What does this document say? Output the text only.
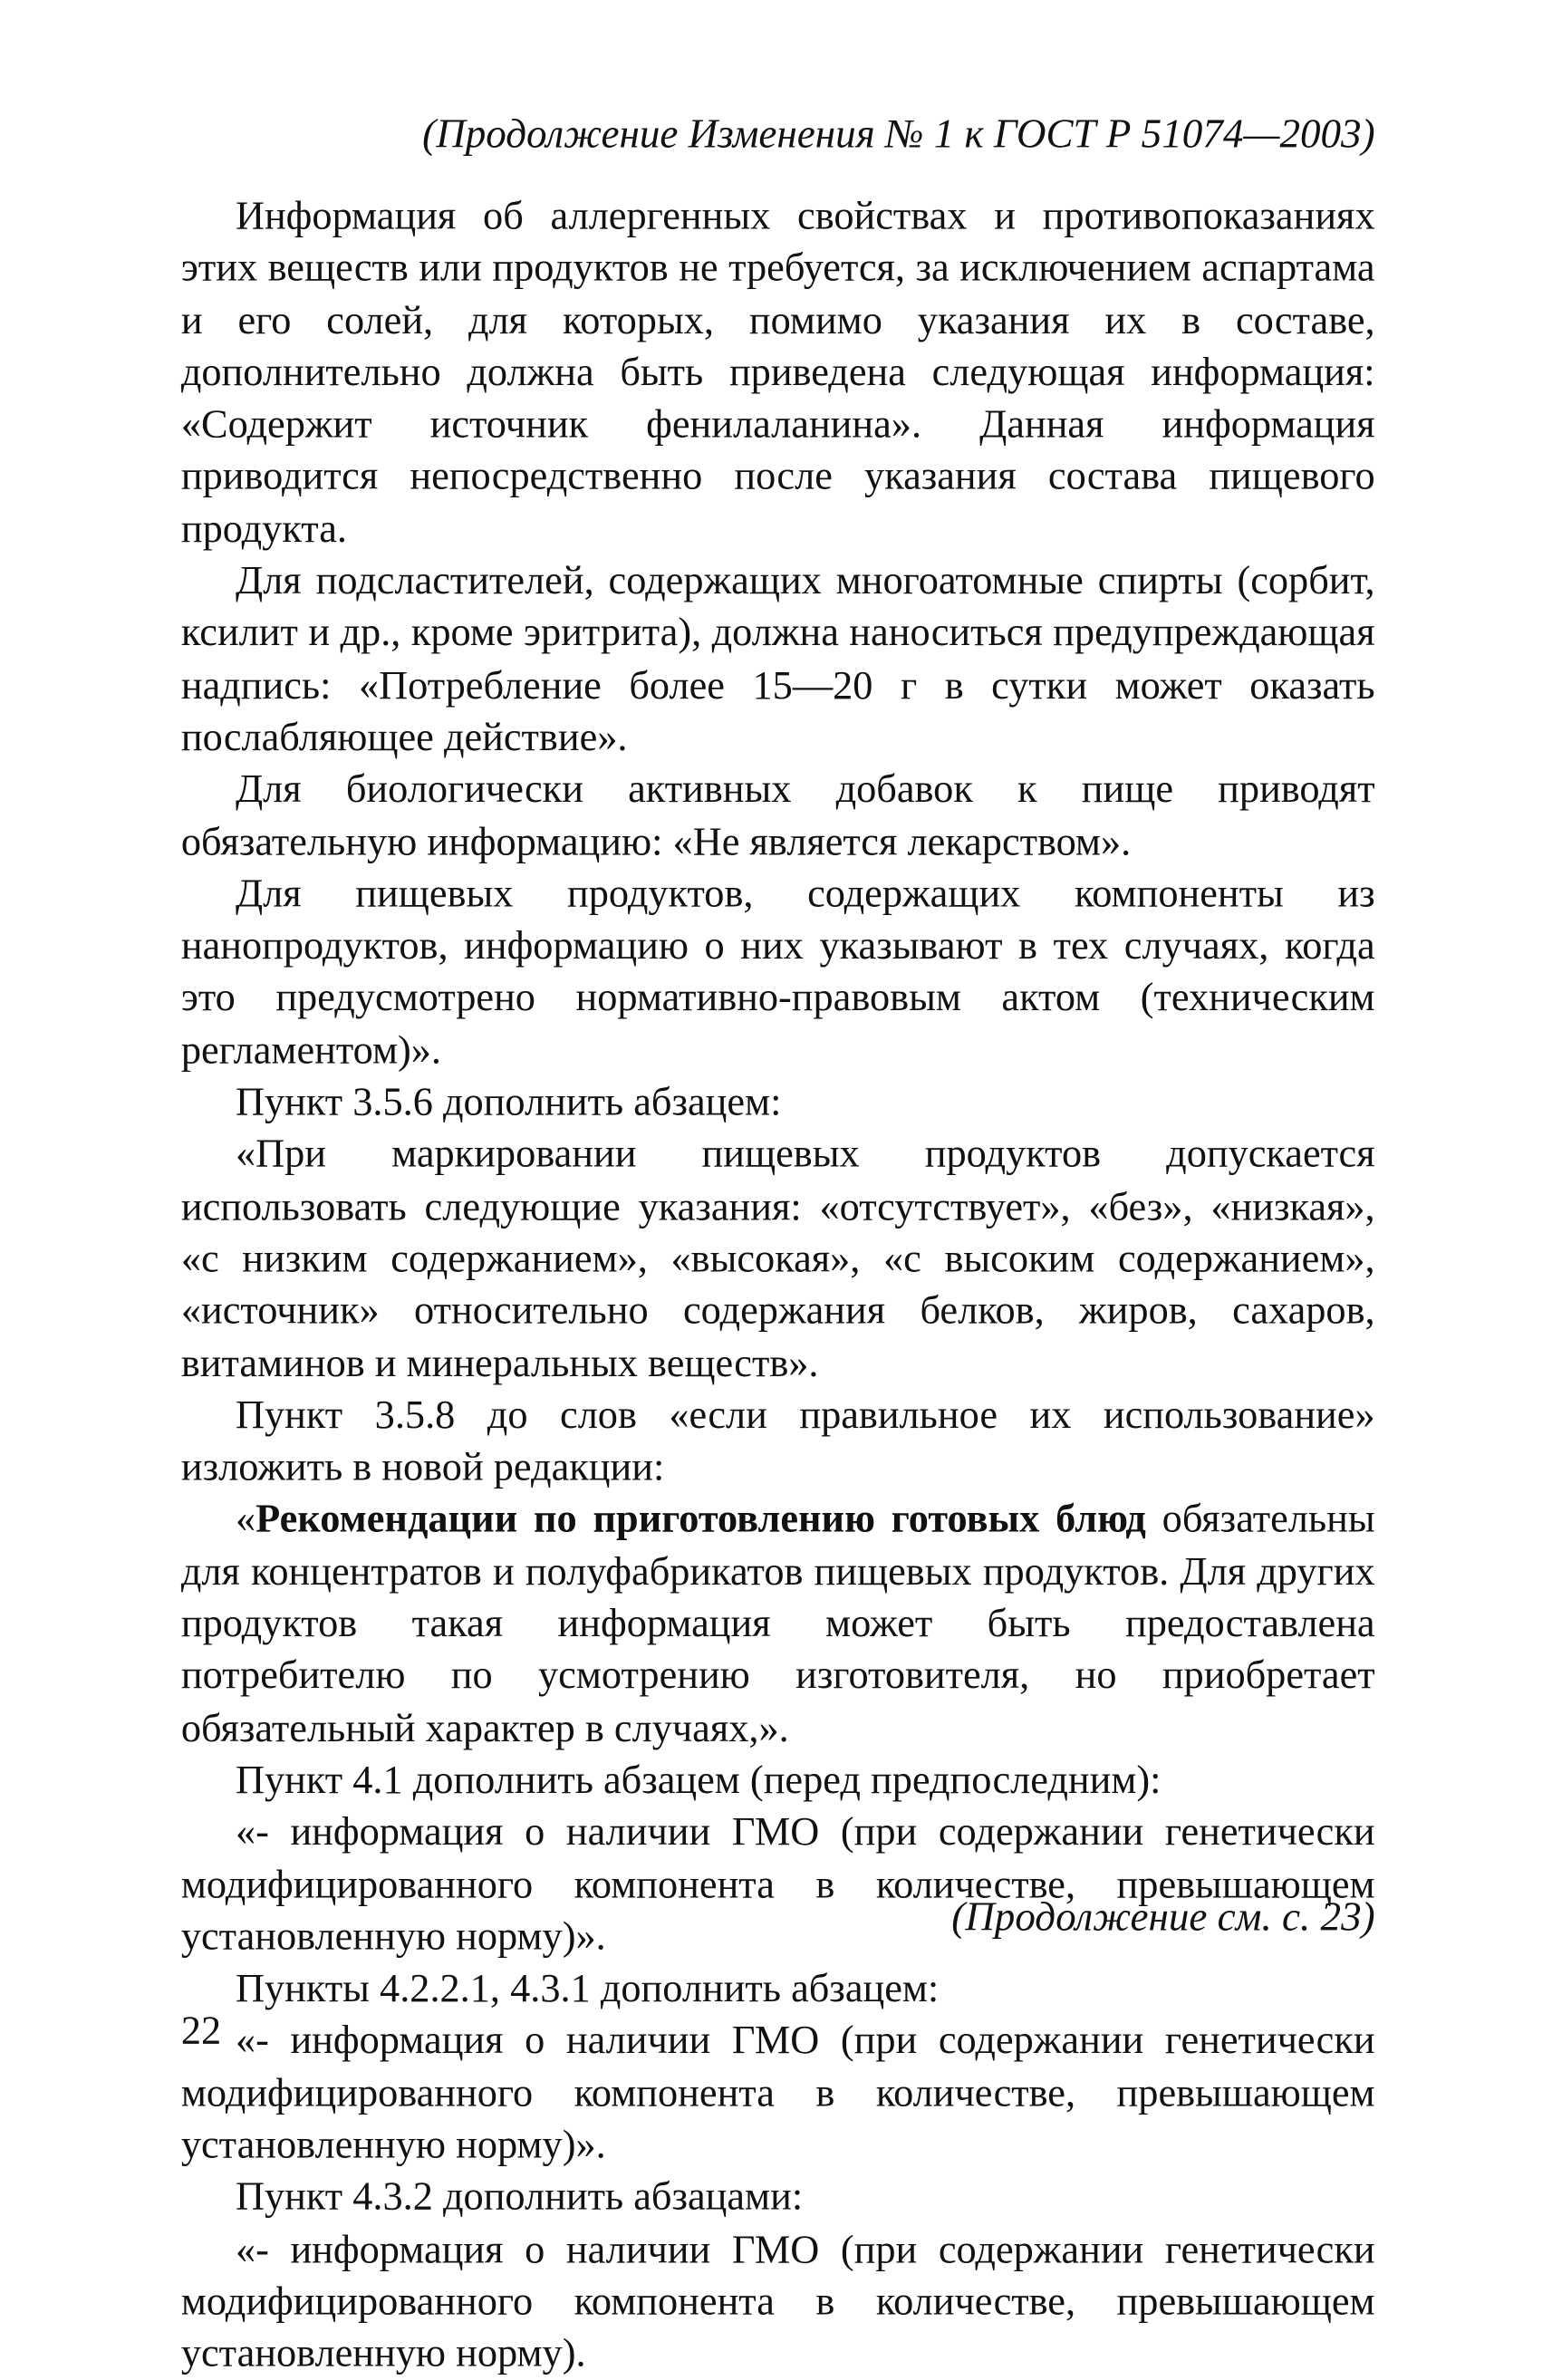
(Продолжение Изменения № 1 к ГОСТ Р 51074—2003)

Информация об аллергенных свойствах и противопоказаниях этих веществ или продуктов не требуется, за исключением аспартама и его солей, для которых, помимо указания их в составе, дополнительно должна быть приведена следующая информация: «Содержит источник фенилаланина». Данная информация приводится непосредственно после указания состава пищевого продукта.

Для подсластителей, содержащих многоатомные спирты (сорбит, ксилит и др., кроме эритрита), должна наноситься предупреждающая надпись: «Потребление более 15—20 г в сутки может оказать послабляющее действие».

Для биологически активных добавок к пище приводят обязательную информацию: «Не является лекарством».

Для пищевых продуктов, содержащих компоненты из нанопродуктов, информацию о них указывают в тех случаях, когда это предусмотрено нормативно-правовым актом (техническим регламентом)».

Пункт 3.5.6 дополнить абзацем:

«При маркировании пищевых продуктов допускается использовать следующие указания: «отсутствует», «без», «низкая», «с низким содержанием», «высокая», «с высоким содержанием», «источник» относительно содержания белков, жиров, сахаров, витаминов и минеральных веществ».

Пункт 3.5.8 до слов «если правильное их использование» изложить в новой редакции:

«Рекомендации по приготовлению готовых блюд обязательны для концентратов и полуфабрикатов пищевых продуктов. Для других продуктов такая информация может быть предоставлена потребителю по усмотрению изготовителя, но приобретает обязательный характер в случаях,».

Пункт 4.1 дополнить абзацем (перед предпоследним):

«- информация о наличии ГМО (при содержании генетически модифицированного компонента в количестве, превышающем установленную норму)».

Пункты 4.2.2.1, 4.3.1 дополнить абзацем:

«- информация о наличии ГМО (при содержании генетически модифицированного компонента в количестве, превышающем установленную норму)».

Пункт 4.3.2 дополнить абзацами:

«- информация о наличии ГМО (при содержании генетически модифицированного компонента в количестве, превышающем установленную норму).

(Продолжение см. с. 23)
22
